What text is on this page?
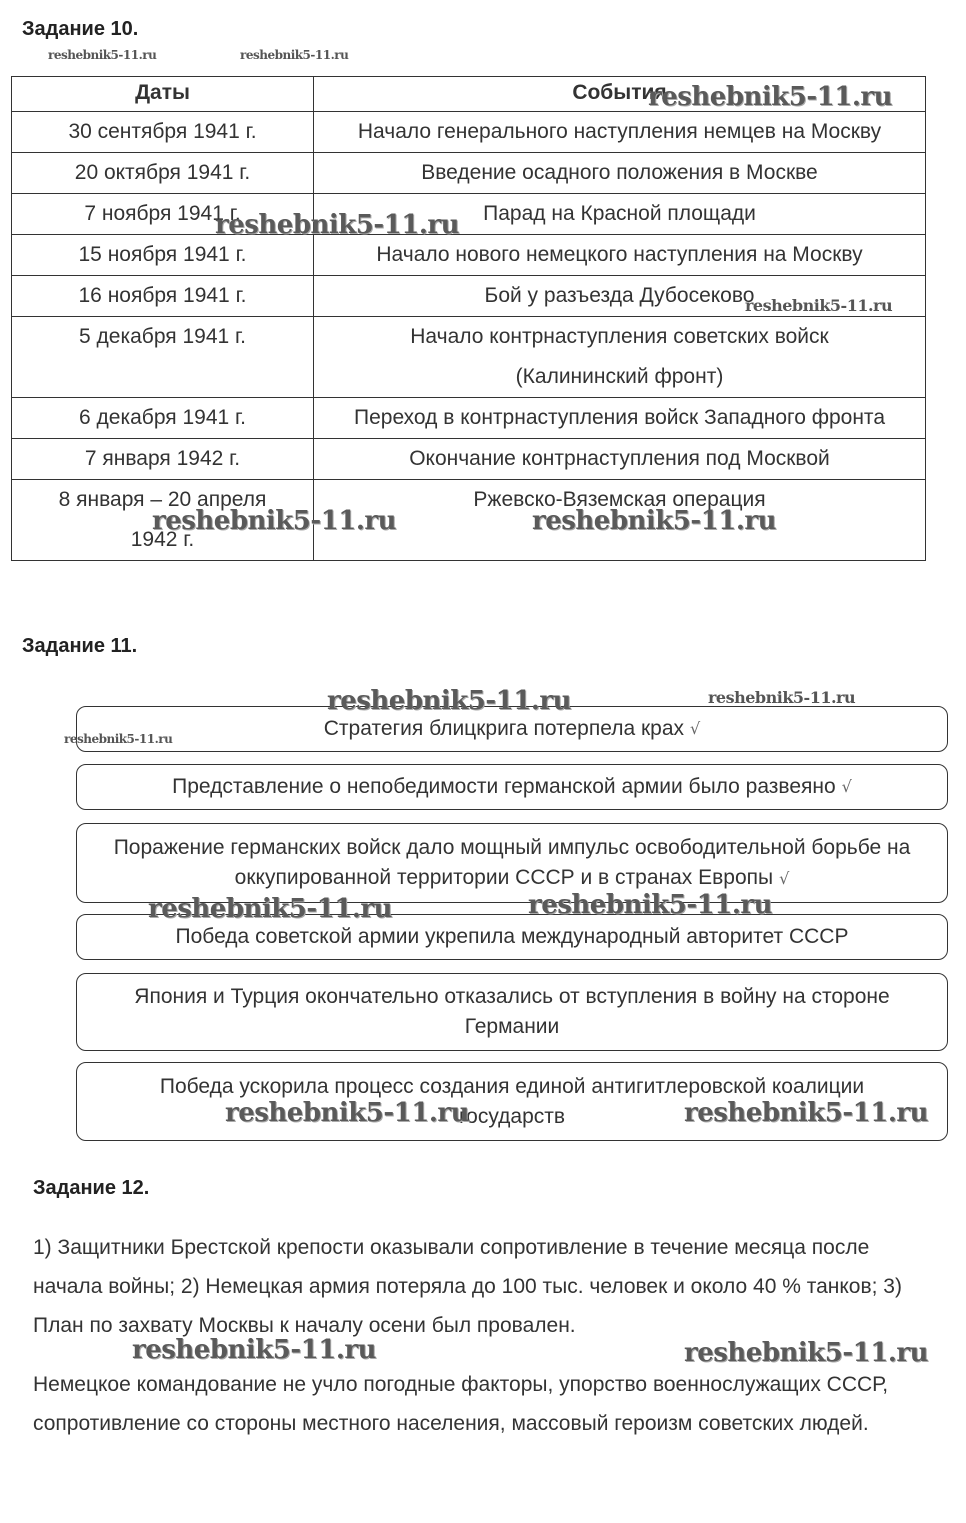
Задание 10.
reshebnik5-11.ru	reshebnik5-11.ru
Даты	События
30 сентября 1941 г.	Начало генерального наступления немцев на Москву
20 октября 1941 г.	Введение осадного положения в Москве
7 ноября 1941 г.	Парад на Красной площади
15 ноября 1941 г.	Начало нового немецкого наступления на Москву
16 ноября 1941 г.	Бой у разъезда Дубосеково
5 декабря 1941 г.	Начало контрнаступления советских войск (Калининский фронт)
6 декабря 1941 г.	Переход в контрнаступления войск Западного фронта
7 января 1942 г.	Окончание контрнаступления под Москвой
8 января – 20 апреля 1942 г.	Ржевско-Вяземская операция
reshebnik5-11.ru
reshebnik5-11.ru
reshebnik5-11.ru
reshebnik5-11.ru	reshebnik5-11.ru
Задание 11.
Стратегия блицкрига потерпела крах √
Представление о непобедимости германской армии было развеяно √
Поражение германских войск дало мощный импульс освободительной борьбе на оккупированной территории СССР и в странах Европы √
Победа советской армии укрепила международный авторитет СССР
Япония и Турция окончательно отказались от вступления в войну на стороне Германии
Победа ускорила процесс создания единой антигитлеровской коалиции государств
reshebnik5-11.ru	reshebnik5-11.ru
reshebnik5-11.ru
reshebnik5-11.ru	reshebnik5-11.ru
reshebnik5-11.ru	reshebnik5-11.ru
Задание 12.
1) Защитники Брестской крепости оказывали сопротивление в течение месяца после начала войны; 2) Немецкая армия потеряла до 100 тыс. человек и около 40 % танков; 3) План по захвату Москвы к началу осени был провален.
Немецкое командование не учло погодные факторы, упорство военнослужащих СССР, сопротивление со стороны местного населения, массовый героизм советских людей.
reshebnik5-11.ru	reshebnik5-11.ru
